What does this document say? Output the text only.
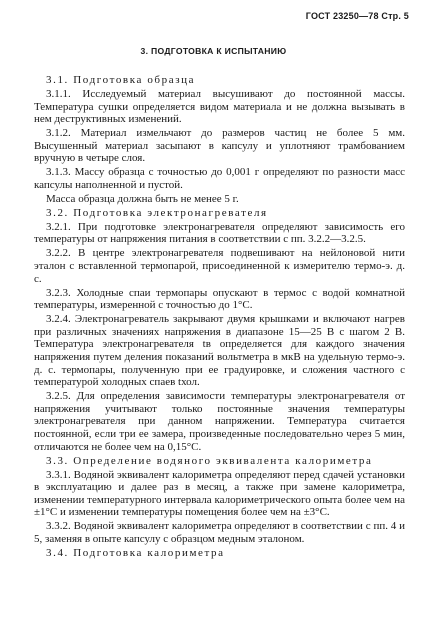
ГОСТ 23250—78 Стр. 5
3. ПОДГОТОВКА К ИСПЫТАНИЮ

3.1. Подготовка образца

3.1.1. Исследуемый материал высушивают до постоянной массы. Температура сушки определяется видом материала и не должна вызывать в нем деструктивных изменений.

3.1.2. Материал измельчают до размеров частиц не более 5 мм. Высушенный материал засыпают в капсулу и уплотняют трамбованием вручную в четыре слоя.

3.1.3. Массу образца с точностью до 0,001 г определяют по разности масс капсулы наполненной и пустой.

Масса образца должна быть не менее 5 г.

3.2. Подготовка электронагревателя

3.2.1. При подготовке электронагревателя определяют зависимость его температуры от напряжения питания в соответствии с пп. 3.2.2—3.2.5.

3.2.2. В центре электронагревателя подвешивают на нейлоновой нити эталон с вставленной термопарой, присоединенной к измерителю термо-э. д. с.

3.2.3. Холодные спаи термопары опускают в термос с водой комнатной температуры, измеренной с точностью до 1°С.

3.2.4. Электронагреватель закрывают двумя крышками и включают нагрев при различных значениях напряжения в диапазоне 15—25 В с шагом 2 В. Температура электронагревателя tв определяется для каждого значения напряжения путем деления показаний вольтметра в мкВ на удельную термо-э. д. с. термопары, полученную при ее градуировке, и сложения частного с температурой холодных спаев tхол.

3.2.5. Для определения зависимости температуры электронагревателя от напряжения учитывают только постоянные значения температуры электронагревателя при данном напряжении. Температура считается постоянной, если три ее замера, произведенные последовательно через 5 мин, отличаются не более чем на 0,15°С.

3.3. Определение водяного эквивалента калориметра

3.3.1. Водяной эквивалент калориметра определяют перед сдачей установки в эксплуатацию и далее раз в месяц, а также при замене калориметра, изменении температурного интервала калориметрического опыта более чем на ±1°С и изменении температуры помещения более чем на ±3°С.

3.3.2. Водяной эквивалент калориметра определяют в соответствии с пп. 4 и 5, заменяя в опыте капсулу с образцом медным эталоном.

3.4. Подготовка калориметра
